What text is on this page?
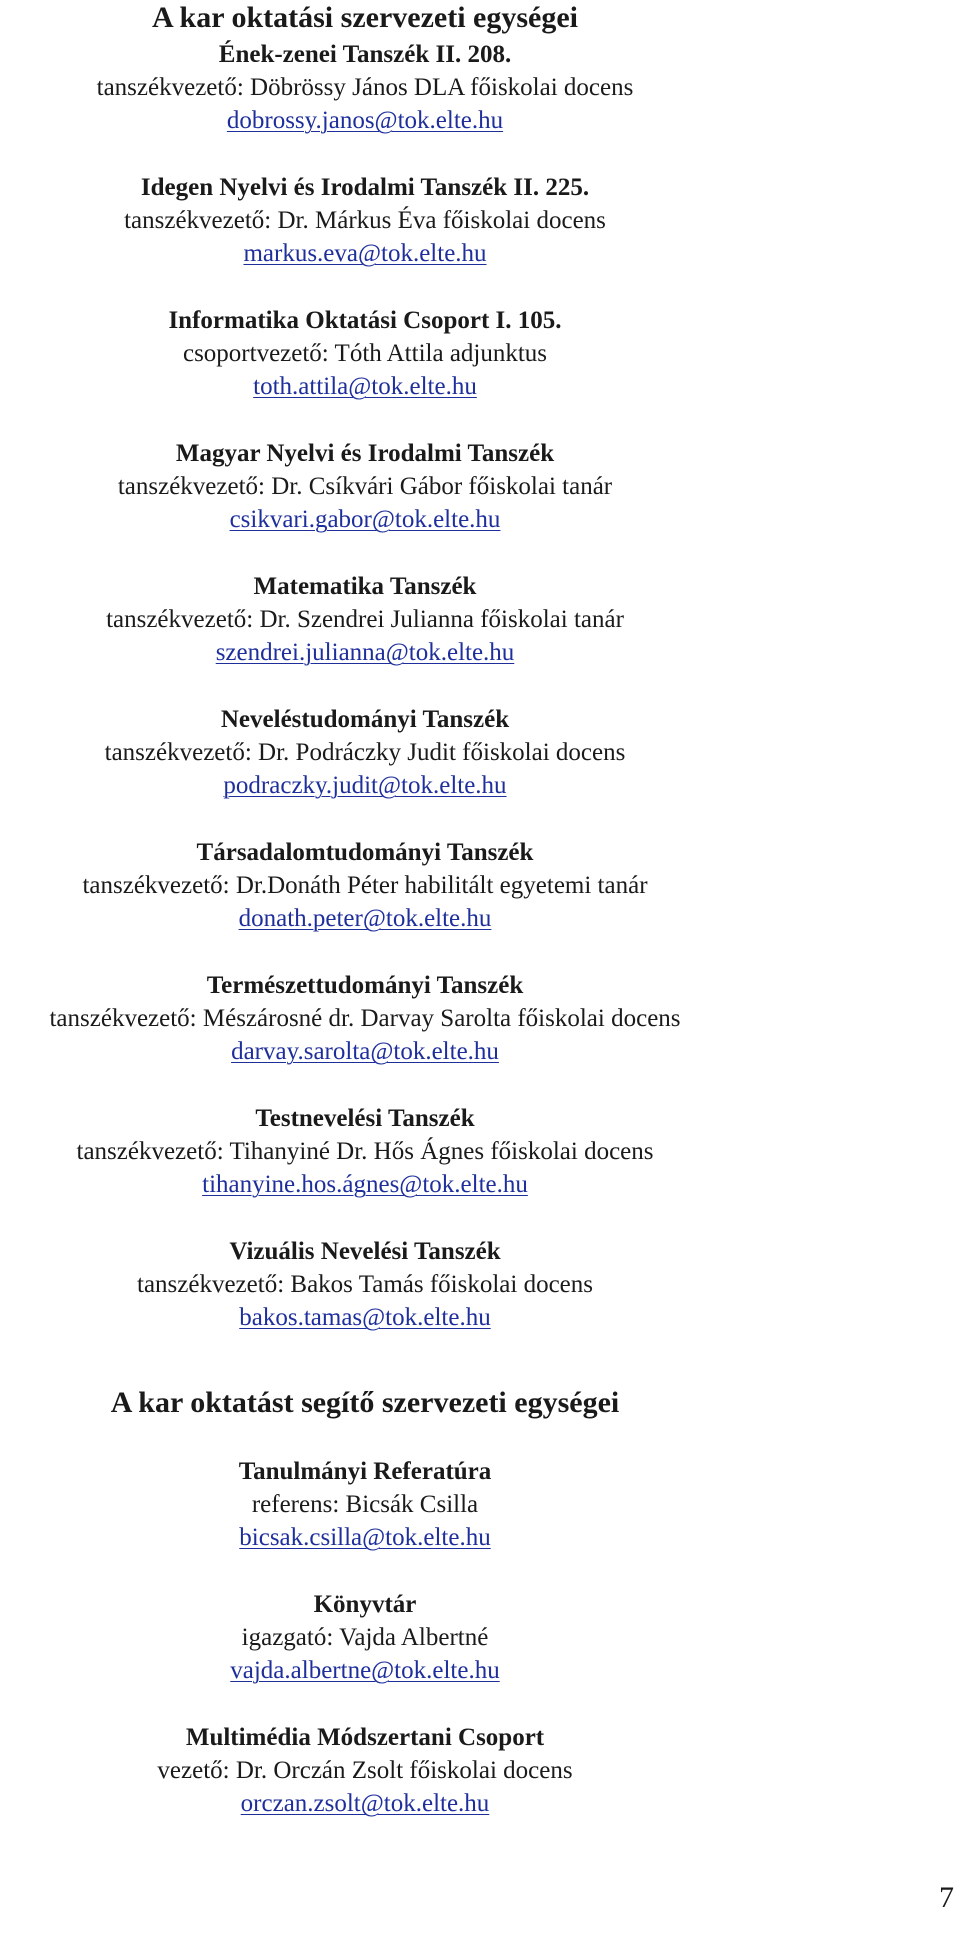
A kar oktatási szervezeti egységei
Ének-zenei Tanszék II. 208.
tanszékvezető: Döbrössy János DLA főiskolai docens
dobrossy.janos@tok.elte.hu
Idegen Nyelvi és Irodalmi Tanszék II. 225.
tanszékvezető: Dr. Márkus Éva főiskolai docens
markus.eva@tok.elte.hu
Informatika Oktatási Csoport I. 105.
csoportvezető: Tóth Attila adjunktus
toth.attila@tok.elte.hu
Magyar Nyelvi és Irodalmi Tanszék
tanszékvezető: Dr. Csíkvári Gábor főiskolai tanár
csikvari.gabor@tok.elte.hu
Matematika Tanszék
tanszékvezető: Dr. Szendrei Julianna főiskolai tanár
szendrei.julianna@tok.elte.hu
Neveléstudományi Tanszék
tanszékvezető: Dr. Podráczky Judit főiskolai docens
podraczky.judit@tok.elte.hu
Társadalomtudományi Tanszék
tanszékvezető: Dr.Donáth Péter habilitált egyetemi tanár
donath.peter@tok.elte.hu
Természettudományi Tanszék
tanszékvezető: Mészárosné dr. Darvay Sarolta főiskolai docens
darvay.sarolta@tok.elte.hu
Testnevelési Tanszék
tanszékvezető: Tihanyiné Dr. Hős Ágnes főiskolai docens
tihanyine.hos.ágnes@tok.elte.hu
Vizuális Nevelési Tanszék
tanszékvezető: Bakos Tamás főiskolai docens
bakos.tamas@tok.elte.hu
A kar oktatást segítő szervezeti egységei
Tanulmányi Referatúra
referens: Bicsák Csilla
bicsak.csilla@tok.elte.hu
Könyvtár
igazgató: Vajda Albertné
vajda.albertne@tok.elte.hu
Multimédia Módszertani Csoport
vezető: Dr. Orczán Zsolt főiskolai docens
orczan.zsolt@tok.elte.hu
7
